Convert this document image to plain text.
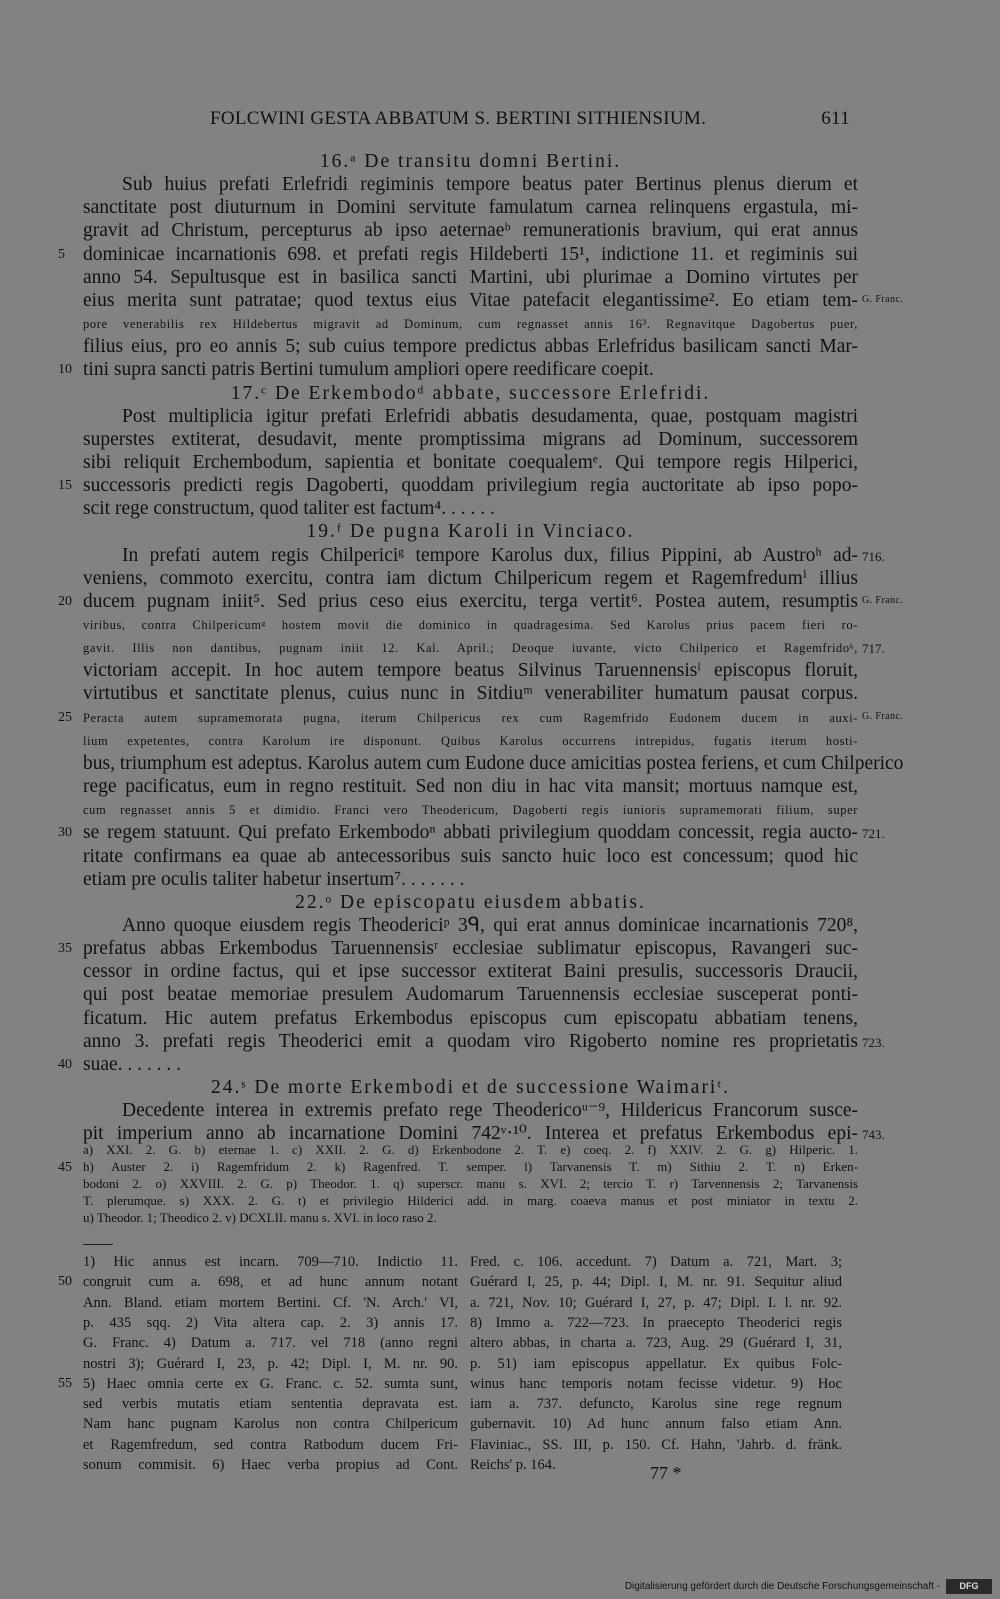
FOLCWINI GESTA ABBATUM S. BERTINI SITHIENSIUM.	611
16.ᵃ De transitu domni Bertini.
Sub huius prefati Erlefridi regiminis tempore beatus pater Bertinus plenus dierum et
sanctitate post diuturnum in Domini servitute famulatum carnea relinquens ergastula, mi-
gravit ad Christum, percepturus ab ipso aeternaeᵇ remunerationis bravium, qui erat annus
dominicae incarnationis 698. et prefati regis Hildeberti 15¹, indictione 11. et regiminis sui
5
anno 54. Sepultusque est in basilica sancti Martini, ubi plurimae a Domino virtutes per
eius merita sunt patratae; quod textus eius Vitae patefacit elegantissime². Eo etiam tem- G. Franc.
pore venerabilis rex Hildebertus migravit ad Dominum, cum regnasset annis 16³. Regnavitque Dagobertus puer,
filius eius, pro eo annis 5; sub cuius tempore predictus abbas Erlefridus basilicam sancti Mar-
tini supra sancti patris Bertini tumulum ampliori opere reedificare coepit.
10
17.ᶜ De Erkembodoᵈ abbate, successore Erlefridi.
Post multiplicia igitur prefati Erlefridi abbatis desudamenta, quae, postquam magistri
superstes extiterat, desudavit, mente promptissima migrans ad Dominum, successorem
sibi reliquit Erchembodum, sapientia et bonitate coequalemᵉ. Qui tempore regis Hilperici,
successoris predicti regis Dagoberti, quoddam privilegium regia auctoritate ab ipso popo-
15
scit rege constructum, quod taliter est factum⁴. . . . . .
19.ᶠ De pugna Karoli in Vinciaco.
In prefati autem regis Chilpericiᵍ tempore Karolus dux, filius Pippini, ab Austroʰ ad- 716.
veniens, commoto exercitu, contra iam dictum Chilpericum regem et Ragemfredumⁱ illius
ducem pugnam iniit⁵. Sed prius ceso eius exercitu, terga vertit⁶. Postea autem, resumptis
20	G. Franc.
viribus, contra Chilpericumᵍ hostem movit die dominico in quadragesima. Sed Karolus prius pacem fieri ro-
gavit. Illis non dantibus, pugnam iniit 12. Kal. April.; Deoque iuvante, victo Chilperico et Ragemfridoᵏ, 717.
victoriam accepit. In hoc autem tempore beatus Silvinus Taruennensisˡ episcopus floruit,
virtutibus et sanctitate plenus, cuius nunc in Sitdiuᵐ venerabiliter humatum pausat corpus.
Peracta autem supramemorata pugna, iterum Chilpericus rex cum Ragemfrido Eudonem ducem in auxi-
25	G. Franc.
lium expetentes, contra Karolum ire disponunt. Quibus Karolus occurrens intrepidus, fugatis iterum hosti-
bus, triumphum est adeptus. Karolus autem cum Eudone duce amicitias postea feriens, et cum Chilperico
rege pacificatus, eum in regno restituit. Sed non diu in hac vita mansit; mortuus namque est,
cum regnasset annis 5 et dimidio. Franci vero Theodericum, Dagoberti regis iunioris supramemorati filium, super
se regem statuunt. Qui prefato Erkembodoⁿ abbati privilegium quoddam concessit, regia aucto-
30	721.
ritate confirmans ea quae ab antecessoribus suis sancto huic loco est concessum; quod hic
etiam pre oculis taliter habetur insertum⁷. . . . . . .
22.ᵒ De episcopatu eiusdem abbatis.
Anno quoque eiusdem regis Theodericiᵖ 3ᑫ, qui erat annus dominicae incarnationis 720⁸,
prefatus abbas Erkembodus Taruennensisʳ ecclesiae sublimatur episcopus, Ravangeri suc-
35
cessor in ordine factus, qui et ipse successor extiterat Baini presulis, successoris Draucii,
qui post beatae memoriae presulem Audomarum Taruennensis ecclesiae susceperat ponti-
ficatum. Hic autem prefatus Erkembodus episcopus cum episcopatu abbatiam tenens,
anno 3. prefati regis Theoderici emit a quodam viro Rigoberto nomine res proprietatis 723.
suae. . . . . . .
40
24.ˢ De morte Erkembodi et de successione Waimariᵗ.
Decedente interea in extremis prefato rege Theodericoᵘ⁻⁹, Hildericus Francorum susce-
pit imperium anno ab incarnatione Domini 742ᵛ⋅¹⁰. Interea et prefatus Erkembodus epi- 743.
a) XXI. 2. G. b) eternae 1. c) XXII. 2. G. d) Erkenbodone 2. T. e) coeq. 2. f) XXIV. 2. G. g) Hilperic. 1.
h) Auster 2. i) Ragemfridum 2. k) Ragenfred. T. semper. l) Tarvanensis T. m) Sithiu 2. T. n) Erken-
45
bodoni 2. o) XXVIII. 2. G. p) Theodor. 1. q) superscr. manu s. XVI. 2; tercio T. r) Tarvennensis 2; Tarvanensis
T. plerumque. s) XXX. 2. G. t) et privilegio Hilderici add. in marg. coaeva manus et post miniator in textu 2.
u) Theodor. 1; Theodico 2. v) DCXLII. manu s. XVI. in loco raso 2.
1) Hic annus est incarn. 709—710. Indictio 11.
congruit cum a. 698, et ad hunc annum notant
50
Ann. Bland. etiam mortem Bertini. Cf. 'N. Arch.' VI,
p. 435 sqq. 2) Vita altera cap. 2. 3) annis 17.
G. Franc. 4) Datum a. 717. vel 718 (anno regni
nostri 3); Guérard I, 23, p. 42; Dipl. I, M. nr. 90.
5) Haec omnia certe ex G. Franc. c. 52. sumta sunt,
55
sed verbis mutatis etiam sententia depravata est.
Nam hanc pugnam Karolus non contra Chilpericum
et Ragemfredum, sed contra Ratbodum ducem Fri-
sonum commisit. 6) Haec verba propius ad Cont.
Fred. c. 106. accedunt. 7) Datum a. 721, Mart. 3;
Guérard I, 25, p. 44; Dipl. I, M. nr. 91. Sequitur aliud
a. 721, Nov. 10; Guérard I, 27, p. 47; Dipl. I. l. nr. 92.
8) Immo a. 722—723. In praecepto Theoderici regis
altero abbas, in charta a. 723, Aug. 29 (Guérard I, 31,
p. 51) iam episcopus appellatur. Ex quibus Folc-
winus hanc temporis notam fecisse videtur. 9) Hoc
iam a. 737. defuncto, Karolus sine rege regnum
gubernavit. 10) Ad hunc annum falso etiam Ann.
Flaviniac., SS. III, p. 150. Cf. Hahn, 'Jahrb. d. fränk.
Reichs' p. 164.	77 *
Digitalisierung gefördert durch die Deutsche Forschungsgemeinschaft -	DFG
